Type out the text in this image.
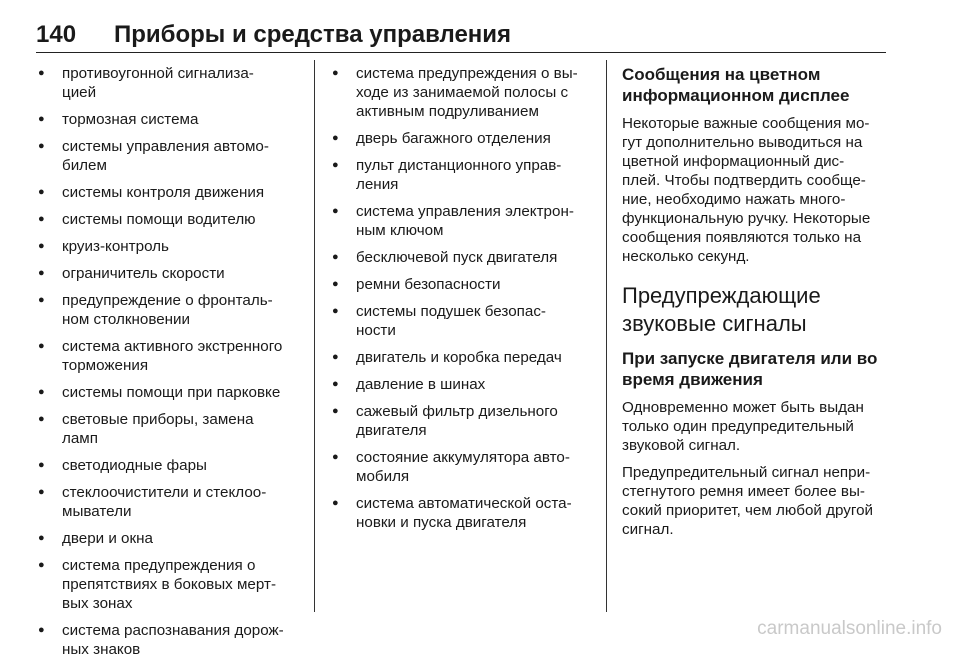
140	Приборы и средства управления
● противоугонной сигнализа-
цией
● тормозная система
● системы управления автомо-
билем
● системы контроля движения
● системы помощи водителю
● круиз-контроль
● ограничитель скорости
● предупреждение о фронталь-
ном столкновении
● система активного экстренного
торможения
● системы помощи при парковке
● световые приборы, замена
ламп
● светодиодные фары
● стеклоочистители и стеклоо-
мыватели
● двери и окна
● система предупреждения о
препятствиях в боковых мерт-
вых зонах
● система распознавания дорож-
ных знаков
● система предупреждения о вы-
ходе из занимаемой полосы с
активным подруливанием
● дверь багажного отделения
● пульт дистанционного управ-
ления
● система управления электрон-
ным ключом
● бесключевой пуск двигателя
● ремни безопасности
● системы подушек безопас-
ности
● двигатель и коробка передач
● давление в шинах
● сажевый фильтр дизельного
двигателя
● состояние аккумулятора авто-
мобиля
● система автоматической оста-
новки и пуска двигателя
Сообщения на цветном
информационном дисплее

Некоторые важные сообщения мо-
гут дополнительно выводиться на
цветной информационный дис-
плей. Чтобы подтвердить сообще-
ние, необходимо нажать много-
функциональную ручку. Некоторые
сообщения появляются только на
несколько секунд.

Предупреждающие
звуковые сигналы
При запуске двигателя или во
время движения

Одновременно может быть выдан
только один предупредительный
звуковой сигнал.

Предупредительный сигнал непри-
стегнутого ремня имеет более вы-
сокий приоритет, чем любой другой
сигнал.

carmanualsonline.info
